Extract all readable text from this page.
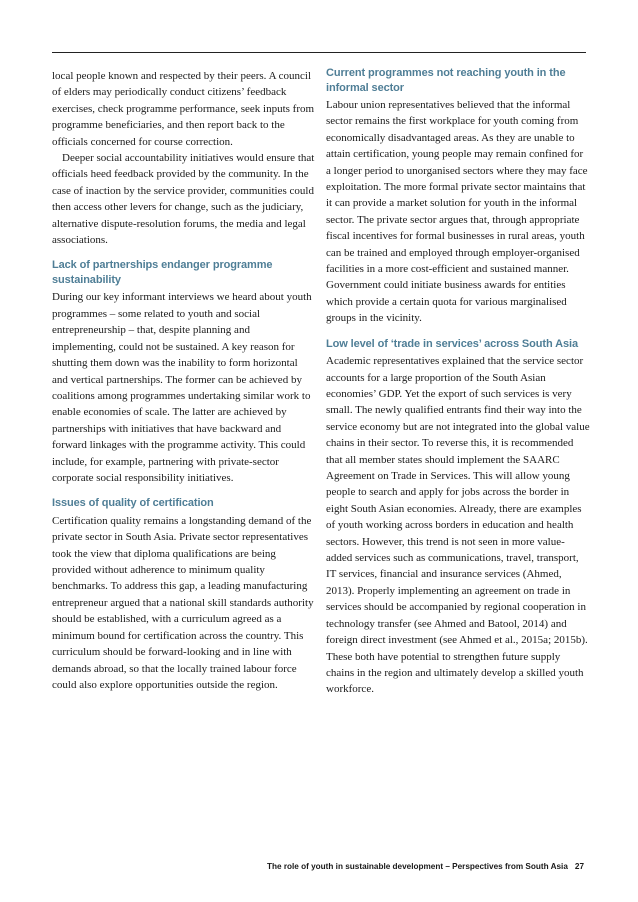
local people known and respected by their peers. A council of elders may periodically conduct citizens’ feedback exercises, check programme performance, seek inputs from programme beneficiaries, and then report back to the officials concerned for course correction.

Deeper social accountability initiatives would ensure that officials heed feedback provided by the community. In the case of inaction by the service provider, communities could then access other levers for change, such as the judiciary, alternative dispute-resolution forums, the media and legal associations.

Lack of partnerships endanger programme sustainability

During our key informant interviews we heard about youth programmes – some related to youth and social entrepreneurship – that, despite planning and implementing, could not be sustained. A key reason for shutting them down was the inability to form horizontal and vertical partnerships. The former can be achieved by coalitions among programmes undertaking similar work to enable economies of scale. The latter are achieved by partnerships with initiatives that have backward and forward linkages with the programme activity. This could include, for example, partnering with private-sector corporate social responsibility initiatives.

Issues of quality of certification

Certification quality remains a longstanding demand of the private sector in South Asia. Private sector representatives took the view that diploma qualifications are being provided without adherence to minimum quality benchmarks. To address this gap, a leading manufacturing entrepreneur argued that a national skill standards authority should be established, with a curriculum agreed as a minimum bound for certification across the country. This curriculum should be forward-looking and in line with demands abroad, so that the locally trained labour force could also explore opportunities outside the region.

Current programmes not reaching youth in the informal sector

Labour union representatives believed that the informal sector remains the first workplace for youth coming from economically disadvantaged areas. As they are unable to attain certification, young people may remain confined for a longer period to unorganised sectors where they may face exploitation. The more formal private sector maintains that it can provide a market solution for youth in the informal sector. The private sector argues that, through appropriate fiscal incentives for formal businesses in rural areas, youth can be trained and employed through employer-organised facilities in a more cost-efficient and sustained manner. Government could initiate business awards for entities which provide a certain quota for various marginalised groups in the vicinity.

Low level of ‘trade in services’ across South Asia

Academic representatives explained that the service sector accounts for a large proportion of the South Asian economies’ GDP. Yet the export of such services is very small. The newly qualified entrants find their way into the service economy but are not integrated into the global value chains in their sector. To reverse this, it is recommended that all member states should implement the SAARC Agreement on Trade in Services. This will allow young people to search and apply for jobs across the border in eight South Asian economies. Already, there are examples of youth working across borders in education and health sectors. However, this trend is not seen in more value-added services such as communications, travel, transport, IT services, financial and insurance services (Ahmed, 2013). Properly implementing an agreement on trade in services should be accompanied by regional cooperation in technology transfer (see Ahmed and Batool, 2014) and foreign direct investment (see Ahmed et al., 2015a; 2015b). These both have potential to strengthen future supply chains in the region and ultimately develop a skilled youth workforce.

The role of youth in sustainable development – Perspectives from South Asia 27
